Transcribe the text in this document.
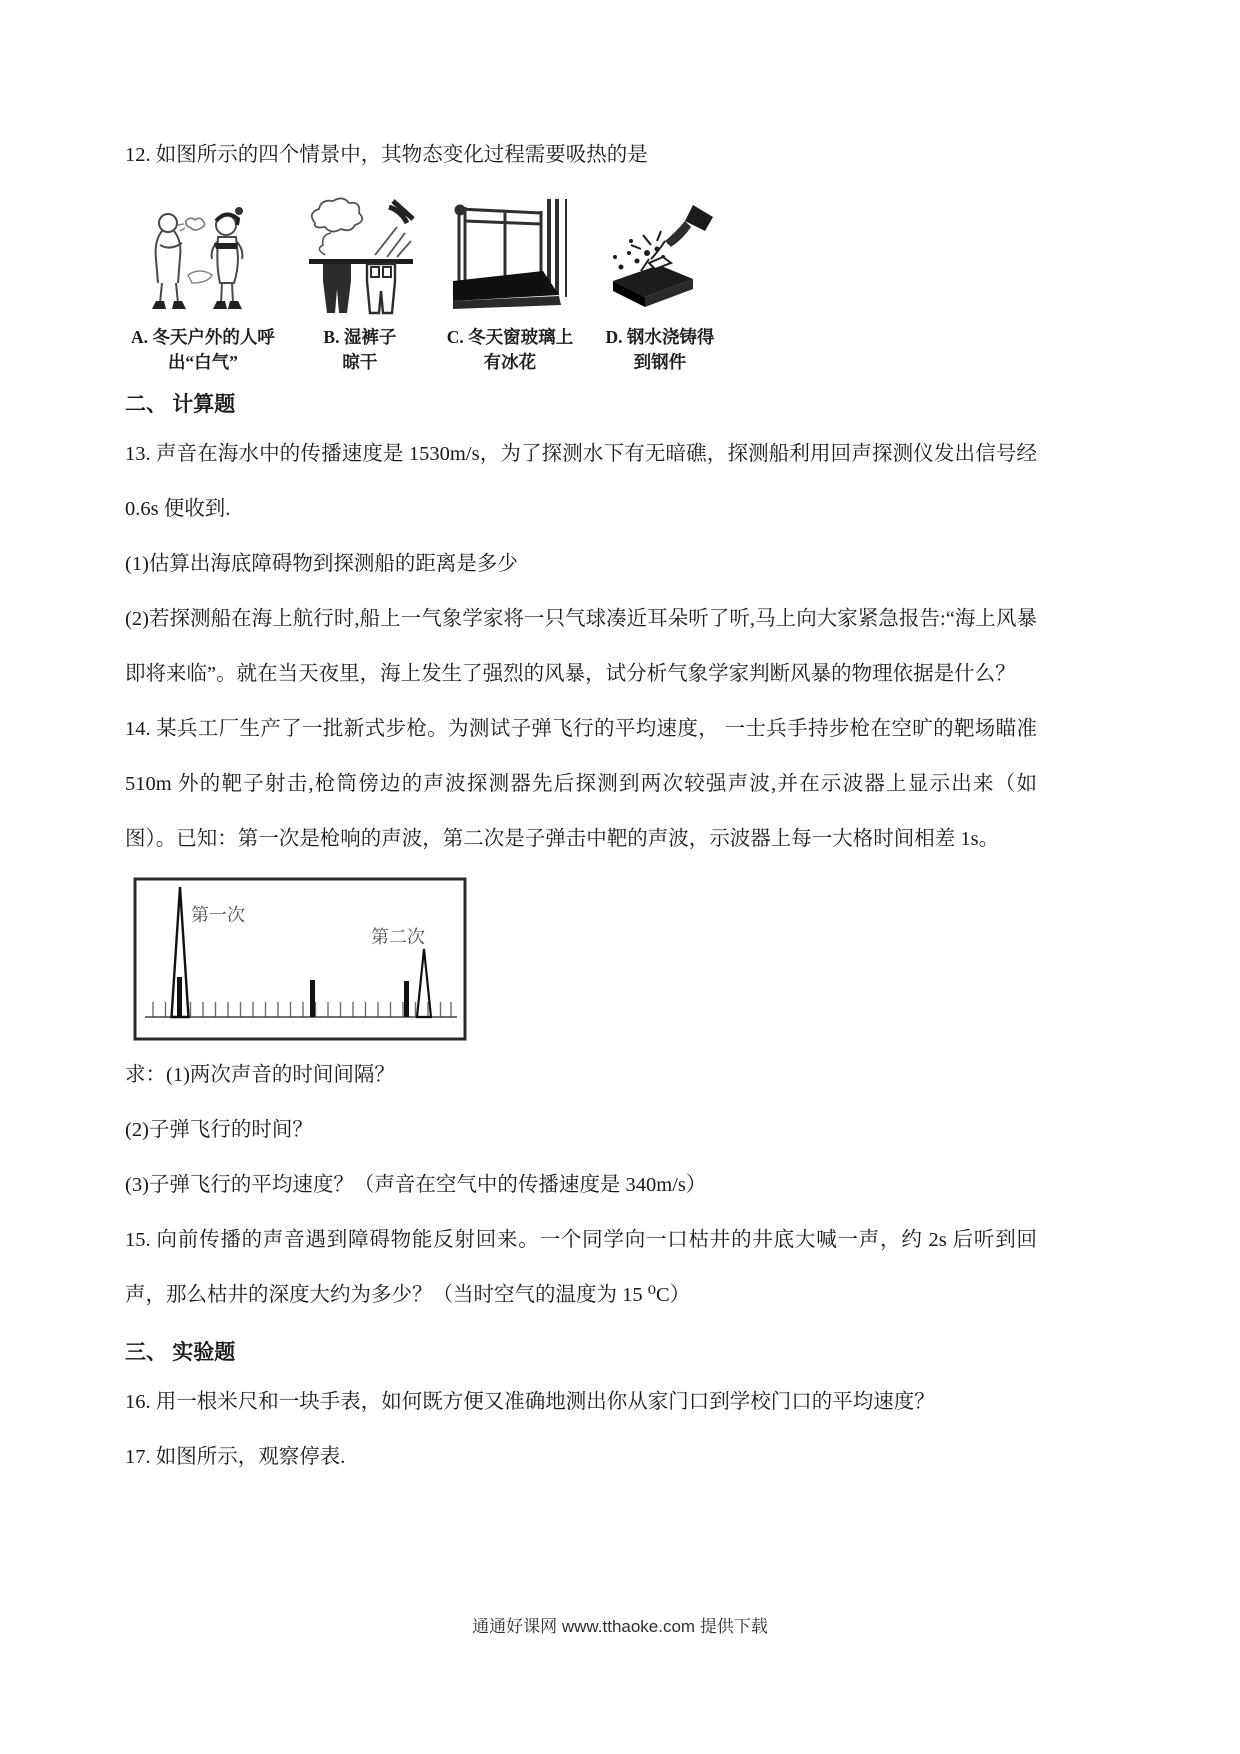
12. 如图所示的四个情景中，其物态变化过程需要吸热的是

A. 冬天户外的人呼
出“白气”
B. 湿裤子
晾干
C. 冬天窗玻璃上
有冰花
D. 钢水浇铸得
到钢件

二、 计算题

13. 声音在海水中的传播速度是 1530m/s，为了探测水下有无暗礁，探测船利用回声探测仪发出信号经 0.6s 便收到.

(1)估算出海底障碍物到探测船的距离是多少

(2)若探测船在海上航行时,船上一气象学家将一只气球凑近耳朵听了听,马上向大家紧急报告:“海上风暴即将来临”。就在当天夜里，海上发生了强烈的风暴，试分析气象学家判断风暴的物理依据是什么？

14. 某兵工厂生产了一批新式步枪。为测试子弹飞行的平均速度， 一士兵手持步枪在空旷的靶场瞄准 510m 外的靶子射击,枪筒傍边的声波探测器先后探测到两次较强声波,并在示波器上显示出来（如图）。已知：第一次是枪响的声波，第二次是子弹击中靶的声波，示波器上每一大格时间相差 1s。

第一次
第二次

求：(1)两次声音的时间间隔？

(2)子弹飞行的时间？

(3)子弹飞行的平均速度？（声音在空气中的传播速度是 340m/s）

15. 向前传播的声音遇到障碍物能反射回来。一个同学向一口枯井的井底大喊一声，约 2s 后听到回声，那么枯井的深度大约为多少？（当时空气的温度为 15 ⁰C）

三、 实验题

16. 用一根米尺和一块手表，如何既方便又准确地测出你从家门口到学校门口的平均速度？

17. 如图所示，观察停表.

通通好课网 www.tthaoke.com 提供下载
